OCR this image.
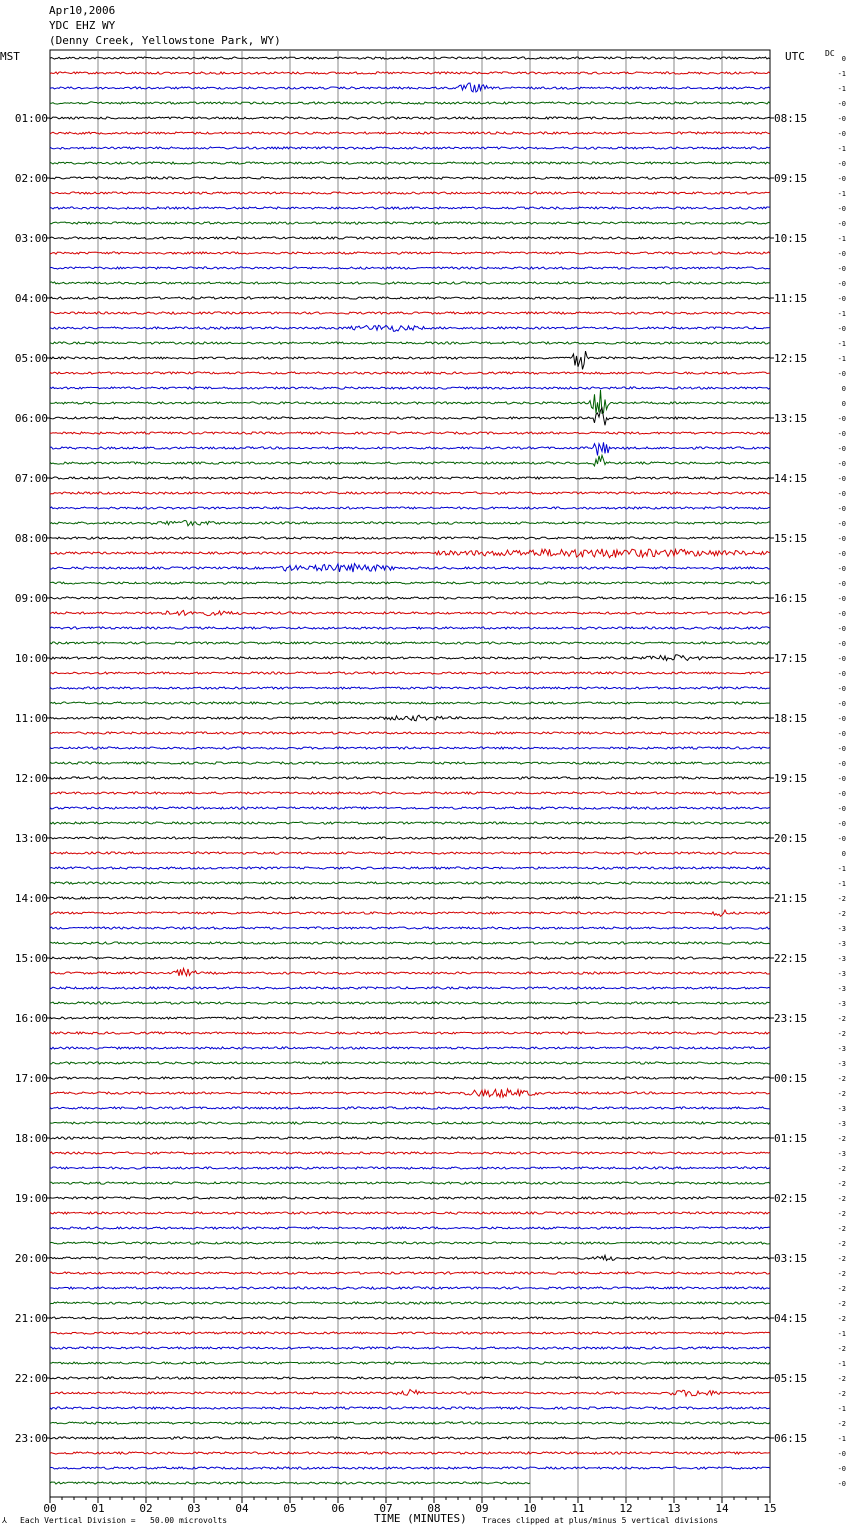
Apr10,2006
YDC EHZ WY
(Denny Creek, Yellowstone Park, WY)
MST	UTC	DC
0
-1
-1
-0
-0
-0
-1
-0
-0
-1
-0
-0
-1
-0
-0
-0
-0
-1
-0
-1
-1
-0
0
0
-0
-0
-0
-0
-0
-0
-0
-0
-0
-0
-0
-0
-0
-0
-0
-0
-0
-0
-0
-0
-0
-0
-0
-0
-0
-0
-0
-0
-0
0
-1
-1
-2
-2
-3
-3
-3
-3
-3
-3
-2
-2
-3
-3
-2
-2
-3
-3
-2
-3
-2
-2
-2
-2
-2
-2
-2
-2
-2
-2
-2
-1
-2
-1
-2
-2
-1
-2
-1
-0
-0
-0
01:00
02:00
03:00
04:00
05:00
06:00
07:00
08:00
09:00
10:00
11:00
12:00
13:00
14:00
15:00
16:00
17:00
18:00
19:00
20:00
21:00
22:00
23:00
08:15
09:15
10:15
11:15
12:15
13:15
14:15
15:15
16:15
17:15
18:15
19:15
20:15
21:15
22:15
23:15
00:15
01:15
02:15
03:15
04:15
05:15
06:15
00	01	02	03	04	05	06	07	08	09	10	11	12	13	14	15
⅄ Each Vertical Division =   50.00 microvolts	TIME (MINUTES) Traces clipped at plus/minus 5 vertical divisions
